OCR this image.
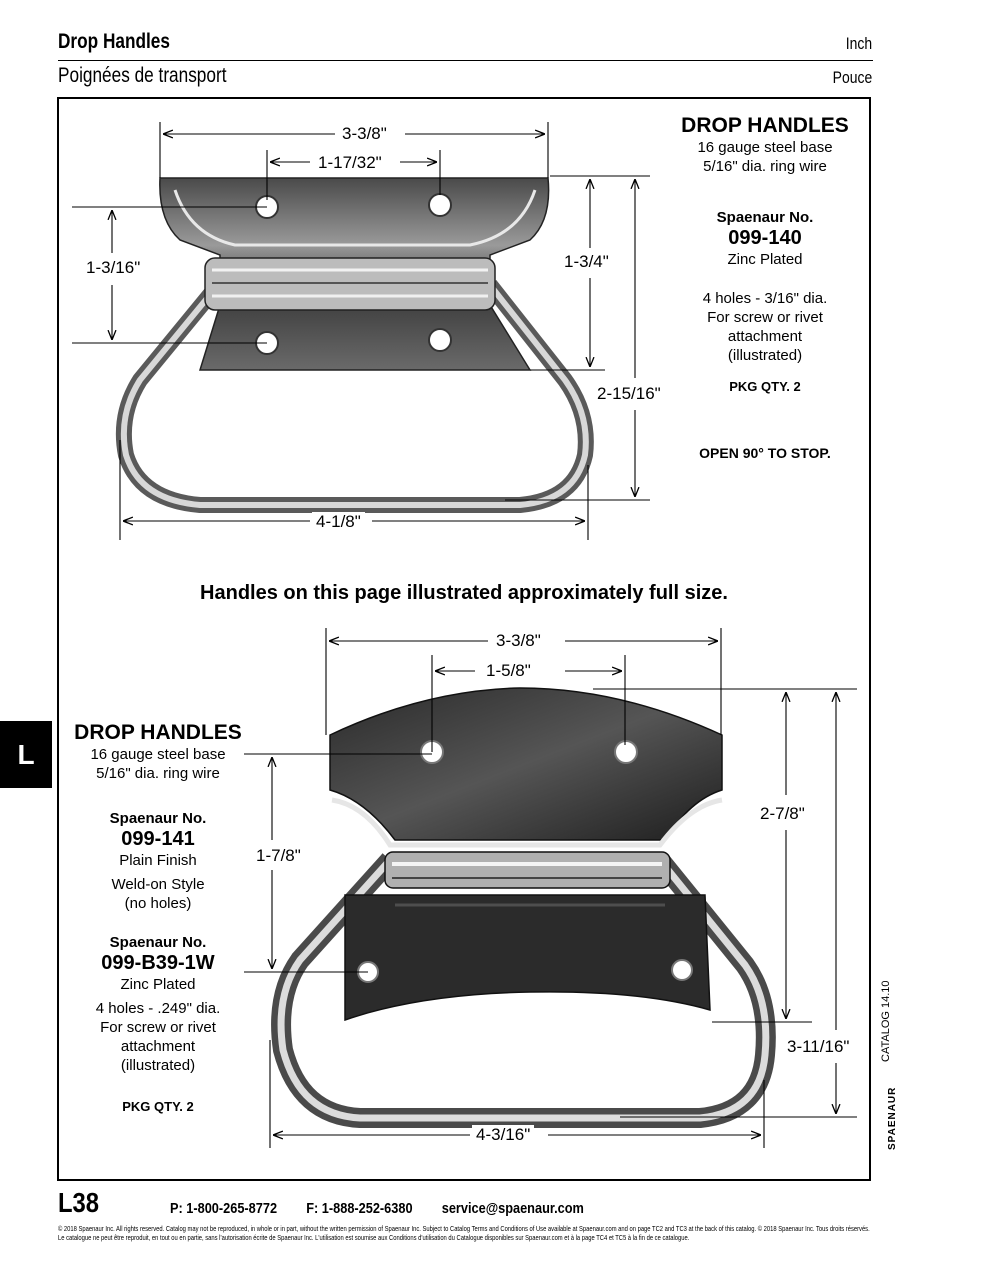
Drop Handles	Inch
Poignées de transport	Pouce
L
3-3/8"
1-17/32"
1-3/16"	1-3/4"
2-15/16"
4-1/8"
DROP HANDLES
16 gauge steel base
5/16" dia. ring wire
Spaenaur No.
099-140
Zinc Plated
4 holes - 3/16" dia.
For screw or rivet
attachment
(illustrated)
PKG QTY. 2
OPEN 90° TO STOP.
Handles on this page illustrated approximately full size.
3-3/8"
1-5/8"
1-7/8"
2-7/8"
3-11/16"
4-3/16"
DROP HANDLES
16 gauge steel base
5/16" dia. ring wire
Spaenaur No.
099-141
Plain Finish
Weld-on Style
(no holes)
Spaenaur No.
099-B39-1W
Zinc Plated
4 holes - .249" dia.
For screw or rivet
attachment
(illustrated)
PKG QTY. 2
CATALOG 14.10
SPAENAUR
L38	P: 1-800-265-8772 F: 1-888-252-6380 service@spaenaur.com
© 2018 Spaenaur Inc. All rights reserved. Catalog may not be reproduced, in whole or in part, without the written permission of Spaenaur Inc. Subject to Catalog Terms and Conditions of Use available at Spaenaur.com and on page TC2 and TC3 at the back of this catalog. © 2018 Spaenaur Inc. Tous droits réservés. Le catalogue ne peut être reproduit, en tout ou en partie, sans l'autorisation écrite de Spaenaur Inc. L'utilisation est soumise aux Conditions d'utilisation du Catalogue disponibles sur Spaenaur.com et à la page TC4 et TC5 à la fin de ce catalogue.
